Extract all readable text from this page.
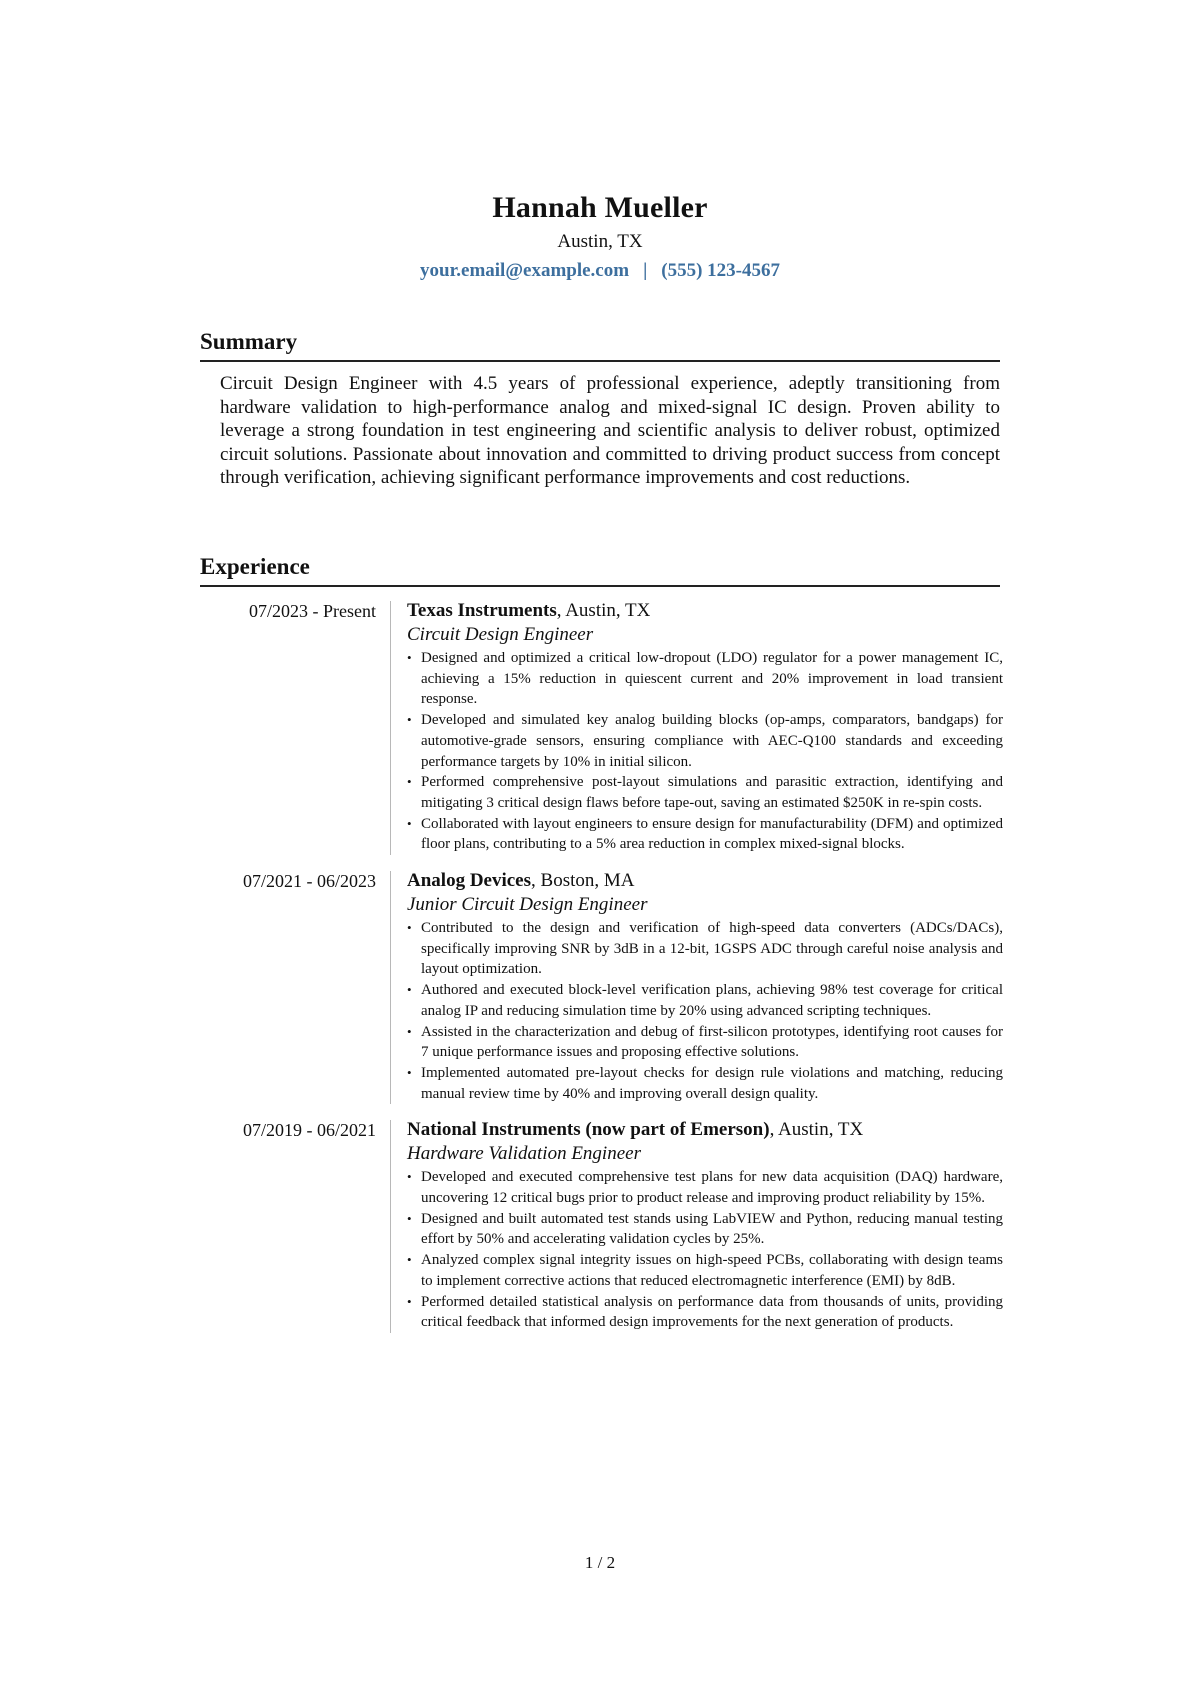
Hannah Mueller
Austin, TX
your.email@example.com | (555) 123-4567
Summary
Circuit Design Engineer with 4.5 years of professional experience, adeptly transitioning from hardware validation to high-performance analog and mixed-signal IC design. Proven ability to leverage a strong foundation in test engineering and scientific analysis to deliver robust, optimized circuit solutions. Passionate about innovation and committed to driving product success from concept through verification, achieving significant performance improvements and cost reductions.
Experience
07/2023 - Present Texas Instruments, Austin, TX
Circuit Design Engineer
• Designed and optimized a critical low-dropout (LDO) regulator for a power management IC, achieving a 15% reduction in quiescent current and 20% improvement in load transient response.
• Developed and simulated key analog building blocks (op-amps, comparators, bandgaps) for automotive-grade sensors, ensuring compliance with AEC-Q100 standards and exceeding performance targets by 10% in initial silicon.
• Performed comprehensive post-layout simulations and parasitic extraction, identifying and mitigating 3 critical design flaws before tape-out, saving an estimated $250K in re-spin costs.
• Collaborated with layout engineers to ensure design for manufacturability (DFM) and optimized floor plans, contributing to a 5% area reduction in complex mixed-signal blocks.
07/2021 - 06/2023 Analog Devices, Boston, MA
Junior Circuit Design Engineer
• Contributed to the design and verification of high-speed data converters (ADCs/DACs), specifically improving SNR by 3dB in a 12-bit, 1GSPS ADC through careful noise analysis and layout optimization.
• Authored and executed block-level verification plans, achieving 98% test coverage for critical analog IP and reducing simulation time by 20% using advanced scripting techniques.
• Assisted in the characterization and debug of first-silicon prototypes, identifying root causes for 7 unique performance issues and proposing effective solutions.
• Implemented automated pre-layout checks for design rule violations and matching, reducing manual review time by 40% and improving overall design quality.
07/2019 - 06/2021 National Instruments (now part of Emerson), Austin, TX
Hardware Validation Engineer
• Developed and executed comprehensive test plans for new data acquisition (DAQ) hardware, uncovering 12 critical bugs prior to product release and improving product reliability by 15%.
• Designed and built automated test stands using LabVIEW and Python, reducing manual testing effort by 50% and accelerating validation cycles by 25%.
• Analyzed complex signal integrity issues on high-speed PCBs, collaborating with design teams to implement corrective actions that reduced electromagnetic interference (EMI) by 8dB.
• Performed detailed statistical analysis on performance data from thousands of units, providing critical feedback that informed design improvements for the next generation of products.
1 / 2
